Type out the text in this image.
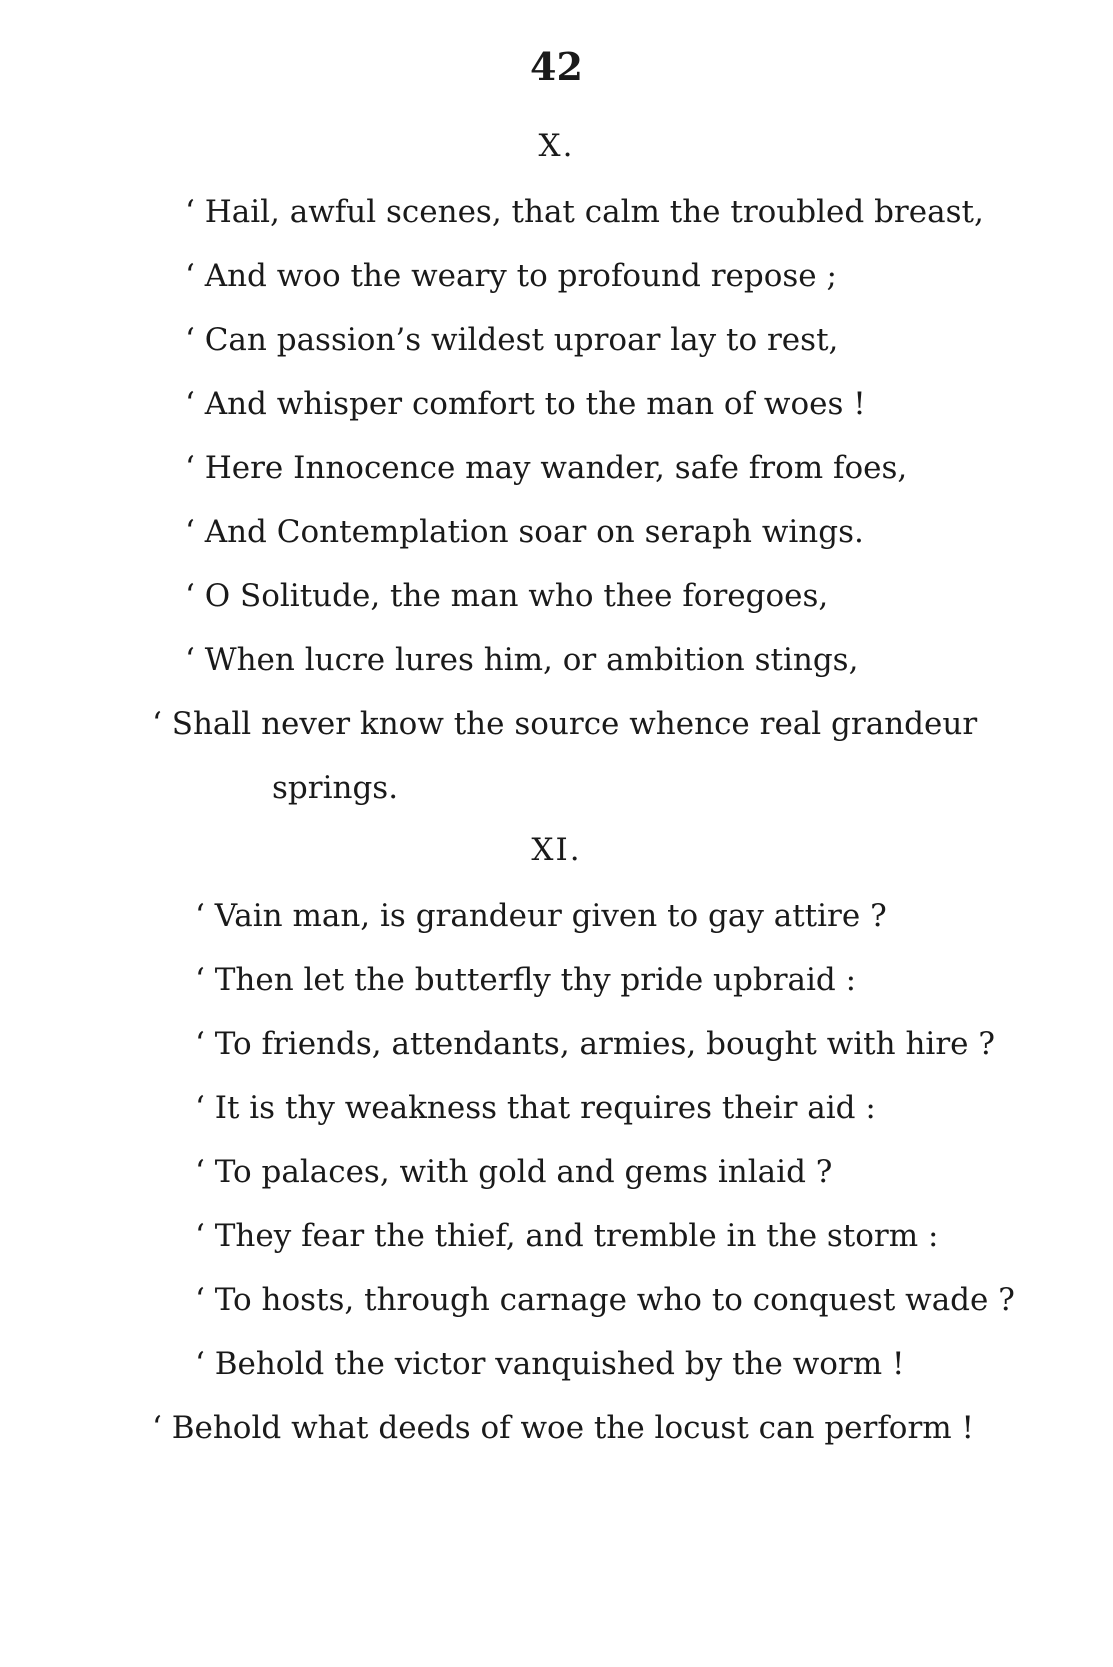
42
X.
‘ Hail, awful scenes, that calm the troubled breast,
‘ And woo the weary to profound repose ;
‘ Can passion’s wildest uproar lay to rest,
‘ And whisper comfort to the man of woes !
‘ Here Innocence may wander, safe from foes,
‘ And Contemplation soar on seraph wings.
‘ O Solitude, the man who thee foregoes,
‘ When lucre lures him, or ambition stings,
‘ Shall never know the source whence real grandeur
springs.
XI.
‘ Vain man, is grandeur given to gay attire ?
‘ Then let the butterfly thy pride upbraid :
‘ To friends, attendants, armies, bought with hire ?
‘ It is thy weakness that requires their aid :
‘ To palaces, with gold and gems inlaid ?
‘ They fear the thief, and tremble in the storm :
‘ To hosts, through carnage who to conquest wade ?
‘ Behold the victor vanquished by the worm !
‘ Behold what deeds of woe the locust can perform !
